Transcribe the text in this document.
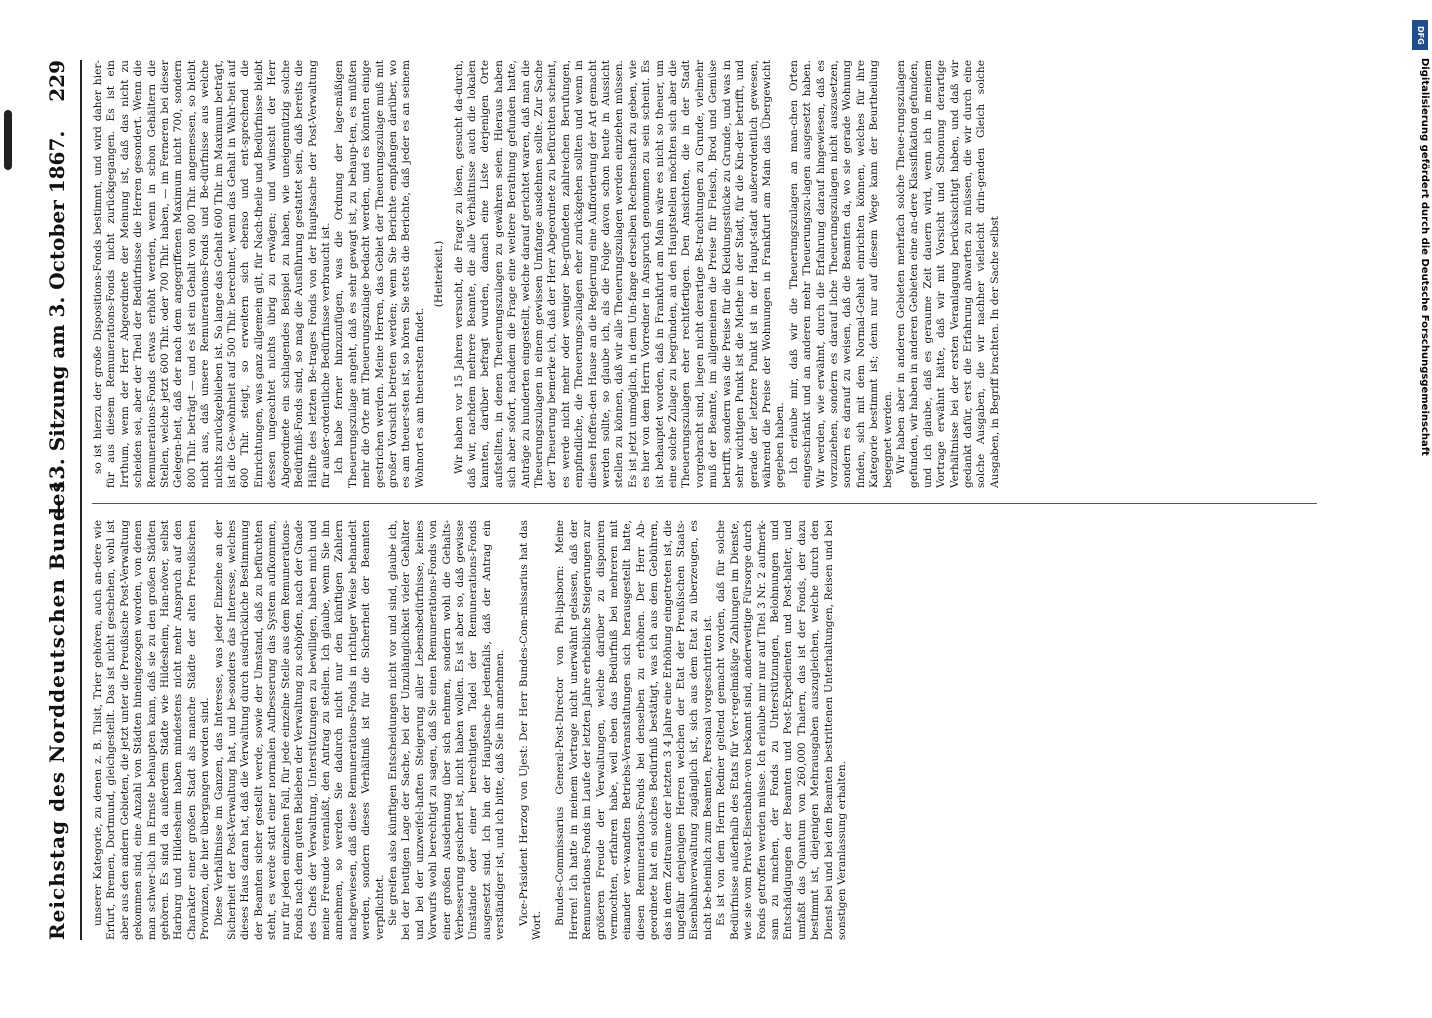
Reichstag des Norddeutschen Bundes.
— 13. Sitzung am 3. October 1867.
229

unserer Kategorie, zu denen z. B. Tilsit, Trier gehören, auch an-dere wie Erfurt, Bremen, Dortmund, gleichgestellt. Das ist nicht geschehen, wohl ist aber aus den andern Gebieten, die jetzt unter die Preußische Post-Verwaltung gekommen sind, eine Anzahl von Städten hineingezogen worden, von denen man schwer-lich im Ernste behaupten kann, daß sie zu den großen Städten gehören. Es sind da außerdem Städte wie Hildesheim, Han-növer, selbst Harburg und Hildesheim haben mindestens nicht mehr Anspruch auf den Charakter einer großen Stadt als manche Städte der alten Preußischen Provinzen, die hier übergangen worden sind. Diese Verhältnisse im Ganzen, das Interesse, was jeder Einzelne an der Sicherheit der Post-Verwaltung hat, und be-sonders das Interesse, welches dieses Haus daran hat, daß die Verwaltung durch ausdrückliche Bestimmung der Beamten sicher gestellt werde, sowie der Umstand, daß zu befürchten steht, es werde statt einer normalen Aufbesserung das System aufkommen, nur für jeden einzelnen Fall, für jede einzelne Stelle aus dem Remunerations-Fonds nach dem guten Belieben der Verwaltung zu schöpfen, nach der Gnade des Chefs der Verwaltung, Unterstützungen zu bewilligen, haben mich und meine Freunde veranlaßt, den Antrag zu stellen. Ich glaube, wenn Sie ihn annehmen, so werden Sie dadurch nicht nur den künftigen Zahlern nachgewiesen, daß diese Remunerations-Fonds in richtiger Weise behandelt werden, sondern dieses Verhältniß ist für die Sicherheit der Beamten verpflichtet. Sie greifen also künftigen Entscheidungen nicht vor und sind, glaube ich, bei der heutigen Lage der Sache, bei der Unzulänglichkeit vieler Gehälter und bei der unzweifel-haften Steigerung aller Lebensbedürfnisse, keines Vorwurfs wohl berechtigt zu sagen, daß Sie einen Remunerations-Fonds von einer großen Ausdehnung über sich nehmen, sondern wohl die Gehalts-Verbesserung gesichert ist, nicht haben wollen. Es ist aber so, daß gewisse Umstände oder einer berechtigten Tadel der Remunerations-Fonds ausgesetzt sind. Ich bin der Hauptsache jedenfalls, daß der Antrag ein verständiger ist, und ich bitte, daß Sie ihn annehmen. Vice-Präsident Herzog von Ujest: Der Herr Bundes-Com-missarius hat das Wort. Bundes-Commissarius General-Post-Director von Phi-lipsborn: Meine Herren! Ich hatte in meinem Vortrage nicht unerwähnt gelassen, daß der Remunerations-Fonds im Laufe der letzten Jahre erhebliche Steigerungen zur größeren Freude der Verwaltungen, welche darüber zu disponiren vermochten, erfahren habe, weil eben das Bedürfniß bei mehreren mit einander ver-wandten Betriebs-Veranstaltungen sich herausgestellt hatte, diesen Remunerations-Fonds bei denselben zu erhöhen. Der Herr Ab-geordnete hat ein solches Bedürfniß bestätigt, was ich aus dem Gebühren, das in dem Zeitraume der letzten 3 4 Jahre eine Erhöhung eingetreten ist, die ungefähr denjenigen Herren welchen der Etat der Preußischen Staats-Eisenbahnverwaltung zugänglich ist, sich aus dem Etat zu überzeugen, es nicht be-heimlich zum Beamten, Personal vorgeschritten ist. Es ist von dem Herrn Redner geltend gemacht worden, daß für solche Bedürfnisse außerhalb des Etats für Ver-regelmäßige Zahlungen im Dienste, wie sie vom Privat-Eisenbahn-von bekannt sind, anderweitige Fürsorge durch Fonds getroffen werden müsse. Ich erlaube mir nur auf Titel 3 Nr. 2 aufmerk-sam zu machen, der Fonds zu Unterstützungen, Belohnungen und Entschädigungen der Beamten und Post-Expedienten und Post-halter, und umfaßt das Quantum von 260,000 Thalern, das ist der Fonds, der dazu bestimmt ist, diejenigen Mehrausgaben auszugleichen, welche durch den Dienst bei und bei den Beamten bestrittenen Unterhaltungen, Reisen und bei sonstigen Veranlassung erhalten.

so ist hierzu der große Dispositions-Fonds bestimmt, und wird daher hier-für aus diesem Remunerations-Fonds nicht zurückgegangen. Es ist ein Irrthum, wenn der Herr Abgeordnete der Meinung ist, daß das nicht zu scheiden sei, aber der Theil der Bedürfnisse die Herren gesondert. Wenn die Remunerations-Fonds etwas erhöht werden, wenn in schon Gehältern die Stellen, welche jetzt 600 Thlr. oder 700 Thlr. haben, — im Ferneren bei dieser Gelegen-heit, daß der nach dem angegriffenen Maximum nicht 700, sondern 800 Thlr. beträgt — und es ist ein Gehalt von 800 Thlr. angemessen, so bleibt nicht aus, daß unsere Remunerations-Fonds und Be-dürfnisse aus welche nichts zurückgeblieben ist. So lange das Gehalt 600 Thlr. im Maximum beträgt, ist die Ge-wohnheit auf 500 Thlr. berechnet, wenn das Gehalt in Wahr-heit auf 600 Thlr. steigt, so erweitern sich ebenso und ent-sprechend die Einrichtungen, was ganz allgemein gilt, für Nach-theile und Bedürfnisse bleibt dessen ungeachtet nichts übrig zu erwägen; und wünscht der Herr Abgeordnete ein schlagendes Beispiel zu haben, wie uneigennützig solche Bedürfniß-Fonds sind, so mag die Ausführung gestattet sein, daß bereits die Hälfte des letzten Be-trages Fonds von der Hauptsache der Post-Verwaltung für außer-ordentliche Bedürfnisse verbraucht ist. Ich habe ferner hinzuzufügen, was die Ordnung der lage-mäßigen Theuerungszulage angeht, daß es sehr gewagt ist, zu behaup-ten, es müßten mehr die Orte mit Theuerungszulage bedacht werden, und es könnten einige gestrichen werden. Meine Herren, das Gebiet der Theuerungszulage muß mit großer Vorsicht betreten werden; wenn Sie Berichte empfangen darüber, wo es am theuer-sten ist, so hören Sie stets die Berichte, daß jeder es an seinem Wohnort es am theuersten findet.

(Heiterkeit.) Wir haben vor 15 Jahren versucht, die Frage zu lösen, gesucht da-durch, daß wir, nachdem mehrere Beamte, die alle Verhältnisse auch die lokalen kannten, darüber befragt wurden, danach eine Liste derjenigen Orte aufstellten, in denen Theuerungszulagen zu gewähren seien. Hieraus haben sich aber sofort, nachdem die Frage eine weitere Berathung gefunden hatte, Anträge zu hunderten eingestellt, welche darauf gerichtet waren, daß man die Theuerungszulagen in einem gewissen Umfange ausdehnen sollte. Zur Sache der Theuerung bemerke ich, daß der Herr Abgeordnete zu befürchten scheint, es werde nicht mehr oder weniger be-gründeten zahlreichen Berufungen, empfindliche, die Theuerungs-zulagen eher zurückgehen sollten und wenn in diesen Hoffen-den Hause an die Regierung eine Aufforderung der Art gemacht werden sollte, so glaube ich, als die Folge davon schon heute in Aussicht stellen zu können, daß wir alle Theuerungszulagen werden einziehen müssen. Es ist jetzt unmöglich, in dem Um-fange derselben Rechenschaft zu geben, wie es hier von dem Herrn Vorredner in Anspruch genommen zu sein scheint. Es ist behauptet worden, daß in Frankfurt am Main wäre es nicht so theuer, um eine solche Zulage zu begründen, an den Hauptstellen möchten sich aber die Theuerungszulagen eher rechtfertigen. Den Ansichten, die in der Stadt vorgebracht sind, liegen nicht derartige Be-trachtungen zu Grunde, vielmehr muß der Beamte, im allgemeinen die Preise für Fleisch, Brod und Gemüse betrifft, sondern was die Preise für die Kleidungsstücke zu Grunde, und was in sehr wichtigen Punkt ist die Miethe in der Stadt, für die Kin-der betrifft, und gerade der letztere Punkt ist in der Haupt-stadt außerordentlich gewesen, während die Preise der Wohnungen in Frankfurt am Main das Übergewicht gegeben haben. Ich erlaube mir, daß wir die Theuerungszulagen an man-chen Orten eingeschränkt und an anderen mehr Theuerungszu-lagen ausgesetzt haben. Wir werden, wie erwähnt, durch die Erfahrung darauf hingewiesen, daß es vorzuziehen, sondern es darauf liche Theuerungszulagen nicht auszusetzen, sondern es darauf zu weisen, daß die Beamten da, wo sie gerade Wohnung finden, sich mit dem Normal-Gehalt einrichten können, welches für ihre Kategorie bestimmt ist; denn nur auf diesem Wege kann der Beurtheilung begegnet werden. Wir haben aber in anderen Gebieten mehrfach solche Theue-rungszulagen gefunden, wir haben in anderen Gebieten eine an-dere Klassifikation gefunden, und ich glaube, daß es geraume Zeit dauern wird, wenn ich in meinem Vortrage erwähnt hätte, daß wir mit Vorsicht und Schonung derartige Verhältnisse bei der ersten Veranlagung berücksichtigt haben, und daß wir gedankt dafür, erst die Erfahrung abwarten zu müssen, die wir durch eine solche Ausgaben, die wir nachher vielleicht drin-genden Gleich solche Ausgaben, in Begriff brachten. In der Sache selbst

DFG
Digitalisierung gefördert durch die Deutsche Forschungsgemeinschaft
